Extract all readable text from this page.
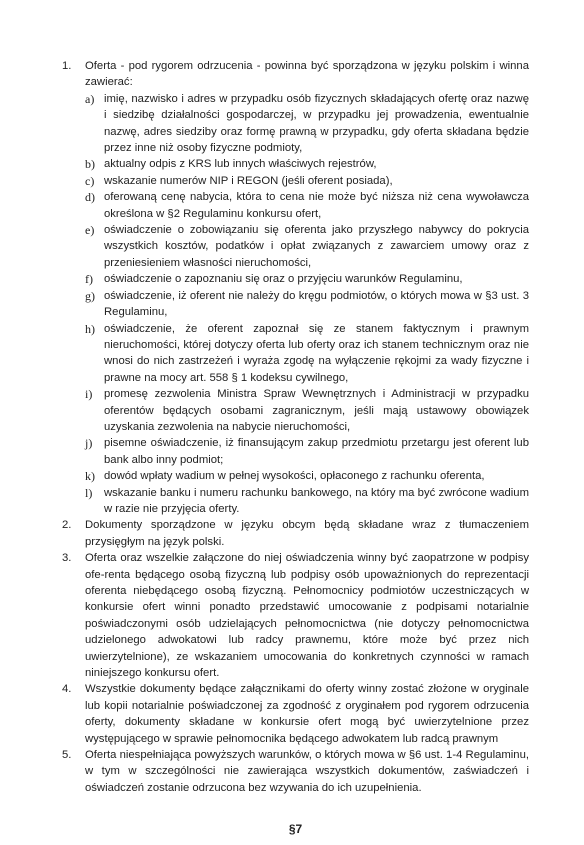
1.	Oferta - pod rygorem odrzucenia - powinna być sporządzona w języku polskim i winna zawierać:
a) imię, nazwisko i adres w przypadku osób fizycznych składających ofertę oraz nazwę i siedzibę działalności gospodarczej, w przypadku jej prowadzenia, ewentualnie nazwę, adres siedziby oraz formę prawną w przypadku, gdy oferta składana będzie przez inne niż osoby fizyczne podmioty,
b) aktualny odpis z KRS lub innych właściwych rejestrów,
c) wskazanie numerów NIP i REGON (jeśli oferent posiada),
d) oferowaną cenę nabycia, która to cena nie może być niższa niż cena wywoławcza określona w §2 Regulaminu konkursu ofert,
e) oświadczenie o zobowiązaniu się oferenta jako przyszłego nabywcy do pokrycia wszystkich kosztów, podatków i opłat związanych z zawarciem umowy oraz z przeniesieniem własności nieruchomości,
f) oświadczenie o zapoznaniu się oraz o przyjęciu warunków Regulaminu,
g) oświadczenie, iż oferent nie należy do kręgu podmiotów, o których mowa w §3 ust. 3 Regulaminu,
h) oświadczenie, że oferent zapoznał się ze stanem faktycznym i prawnym nieruchomości, której dotyczy oferta lub oferty oraz ich stanem technicznym oraz nie wnosi do nich zastrzeżeń i wyraża zgodę na wyłączenie rękojmi za wady fizyczne i prawne na mocy art. 558 § 1 kodeksu cywilnego,
i)	promesę zezwolenia Ministra Spraw Wewnętrznych i Administracji w przypadku oferentów będących osobami zagranicznym, jeśli mają ustawowy obowiązek uzyskania zezwolenia na nabycie nieruchomości,
j)	pisemne oświadczenie, iż finansującym zakup przedmiotu przetargu jest oferent lub bank albo inny podmiot;
k) dowód wpłaty wadium w pełnej wysokości, opłaconego z rachunku oferenta,
l)	wskazanie banku i numeru rachunku bankowego, na który ma być zwrócone wadium w razie nie przyjęcia oferty.
2.	Dokumenty sporządzone w języku obcym będą składane wraz z tłumaczeniem przysięgłym na język polski.
3.	Oferta oraz wszelkie załączone do niej oświadczenia winny być zaopatrzone w podpisy ofe-renta będącego osobą fizyczną lub podpisy osób upoważnionych do reprezentacji oferenta niebędącego osobą fizyczną. Pełnomocnicy podmiotów uczestniczących w konkursie ofert winni ponadto przedstawić umocowanie z podpisami notarialnie poświadczonymi osób udzielających pełnomocnictwa (nie dotyczy pełnomocnictwa udzielonego adwokatowi lub radcy prawnemu, które może być przez nich uwierzytelnione), ze wskazaniem umocowania do konkretnych czynności w ramach niniejszego konkursu ofert.
4.	Wszystkie dokumenty będące załącznikami do oferty winny zostać złożone w oryginale lub kopii notarialnie poświadczonej za zgodność z oryginałem pod rygorem odrzucenia oferty, dokumenty składane w konkursie ofert mogą być uwierzytelnione przez występującego w sprawie pełnomocnika będącego adwokatem lub radcą prawnym
5.	Oferta niespełniająca powyższych warunków, o których mowa w §6 ust. 1-4 Regulaminu, w tym w szczególności nie zawierająca wszystkich dokumentów, zaświadczeń i oświadczeń zostanie odrzucona bez wzywania do ich uzupełnienia.
§7
